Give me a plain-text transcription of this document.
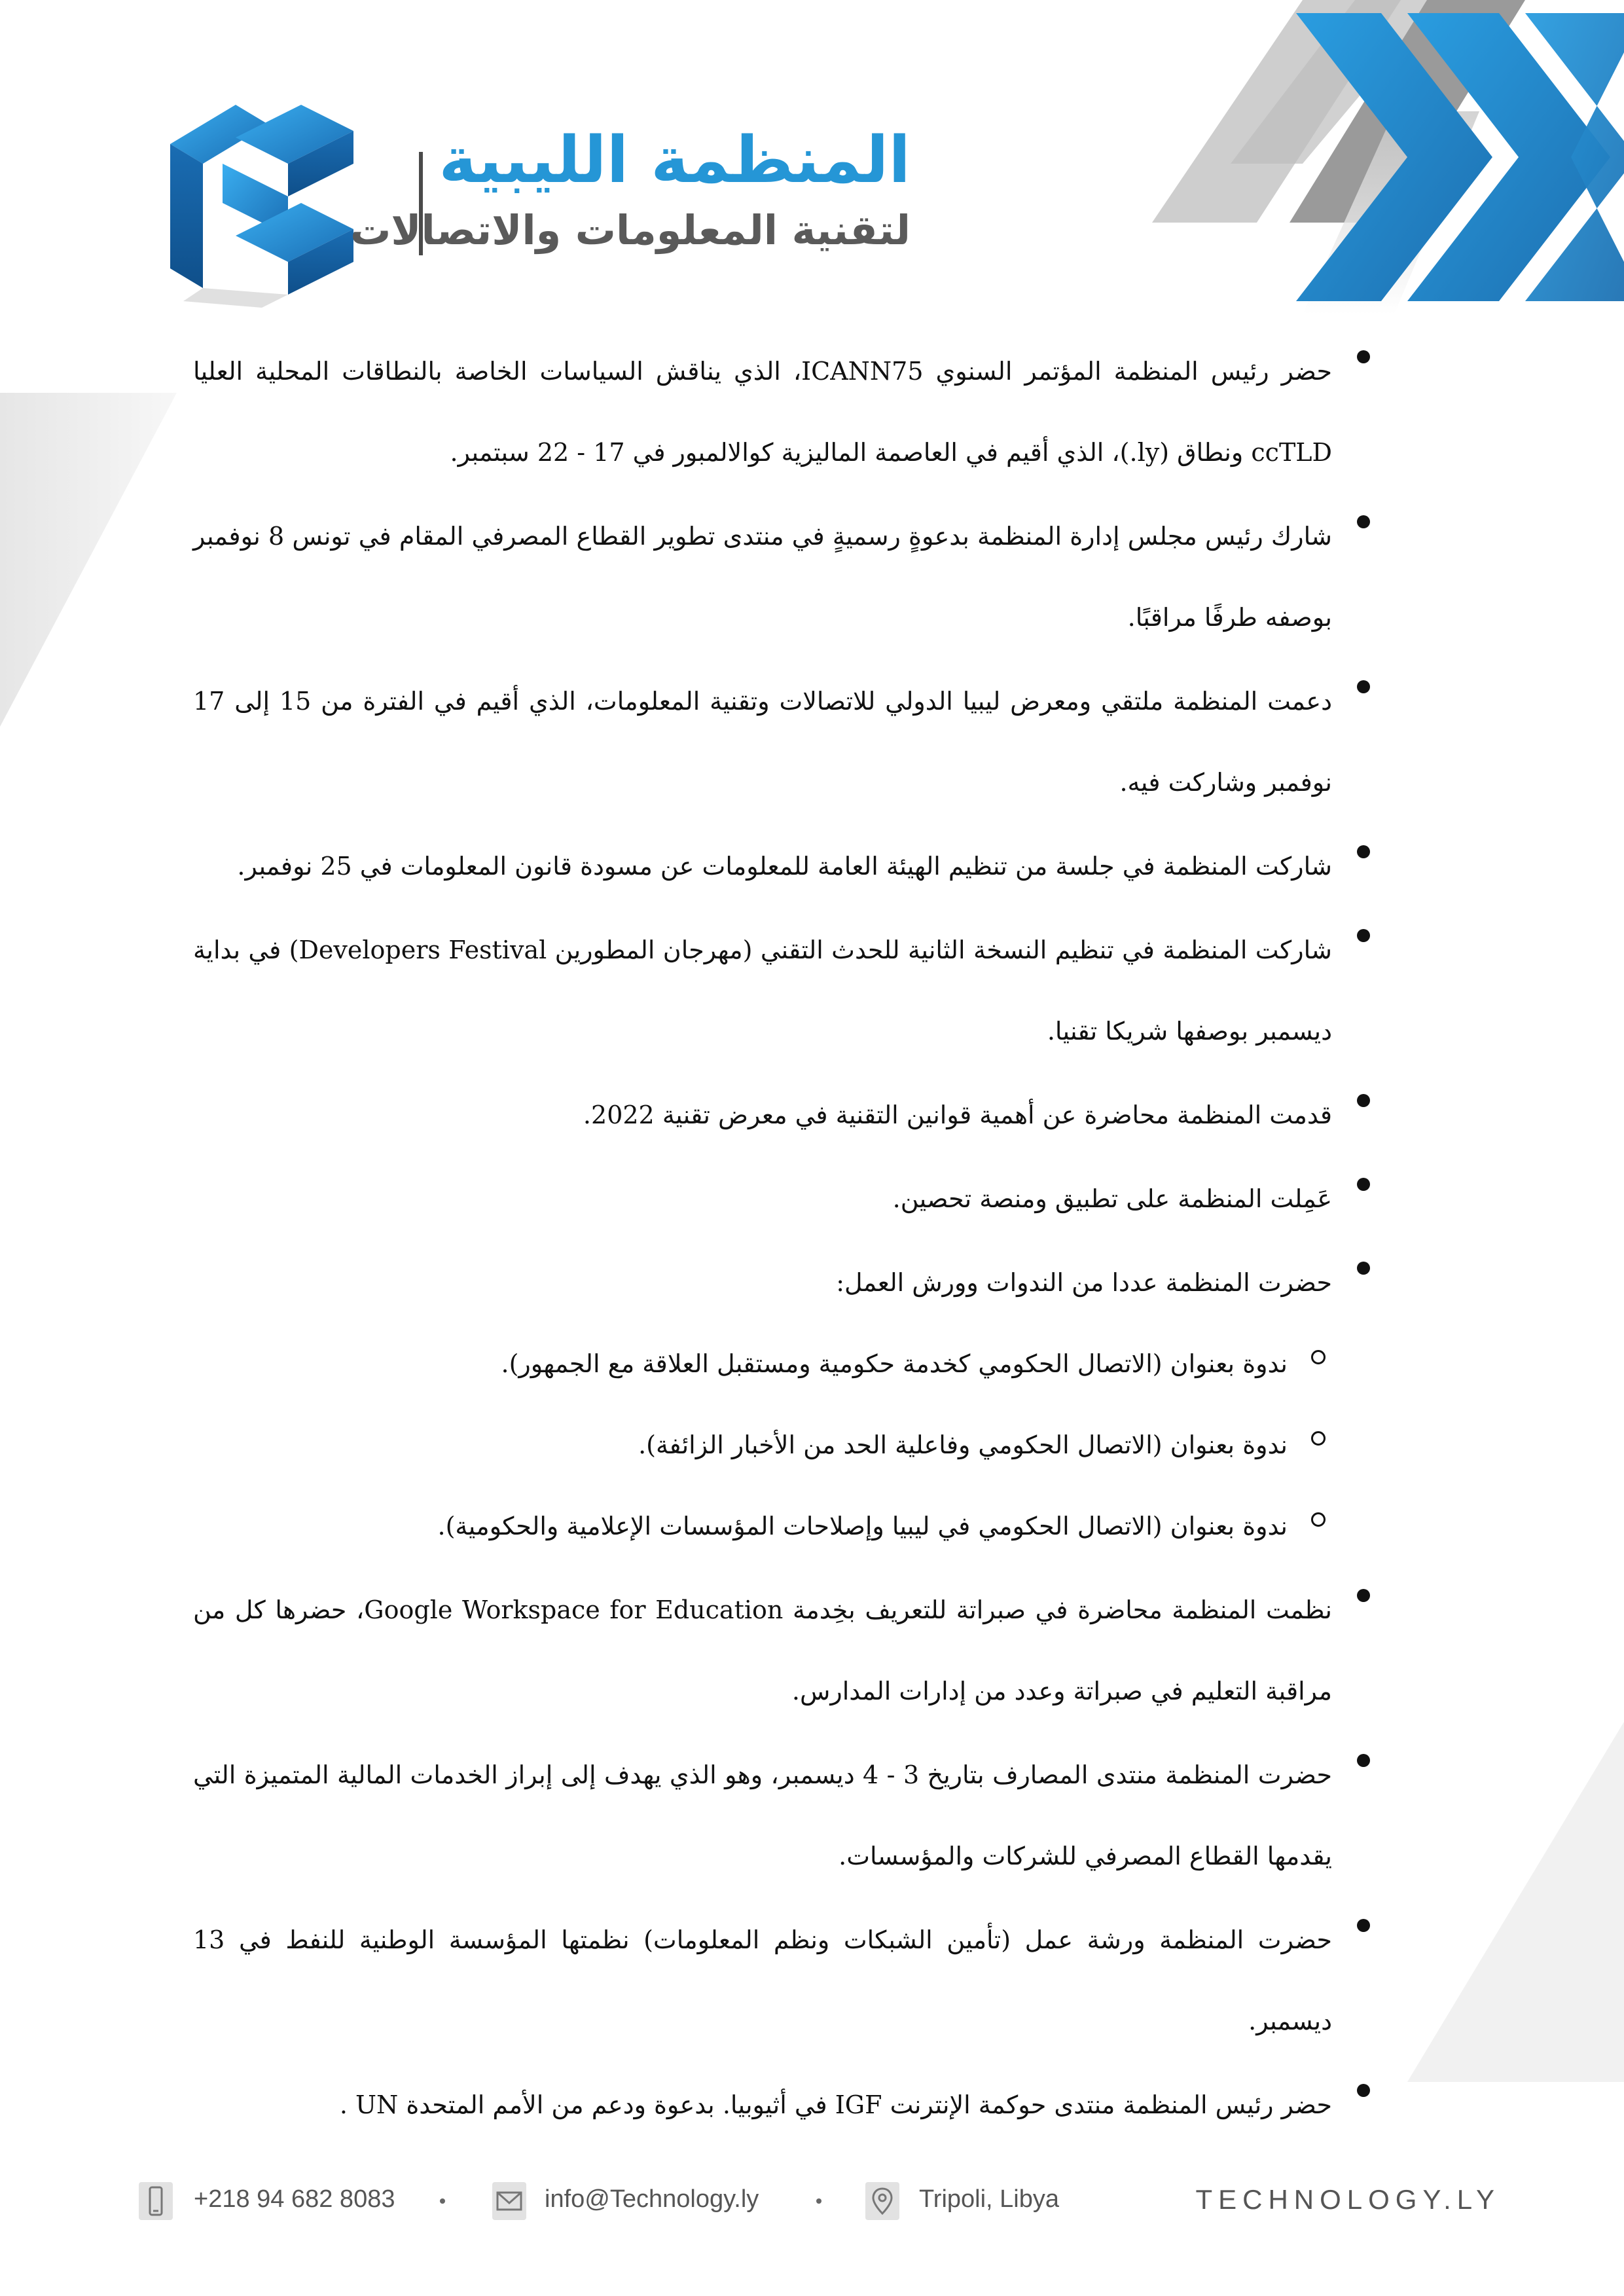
المنظمة الليبية
لتقنية المعلومات والاتصالات
حضر رئيس المنظمة المؤتمر السنوي ICANN75، الذي يناقش السياسات الخاصة بالنطاقات المحلية العليا ccTLD ونطاق (ly.)، الذي أقيم في العاصمة الماليزية كوالالمبور في 17 - 22 سبتمبر.
شارك رئيس مجلس إدارة المنظمة بدعوةٍ رسميةٍ في منتدى تطوير القطاع المصرفي المقام في تونس 8 نوفمبر بوصفه طرفًا مراقبًا.
دعمت المنظمة ملتقي ومعرض ليبيا الدولي للاتصالات وتقنية المعلومات، الذي أقيم في الفترة من 15 إلى 17 نوفمبر وشاركت فيه.
شاركت المنظمة في جلسة من تنظيم الهيئة العامة للمعلومات عن مسودة قانون المعلومات في 25 نوفمبر.
شاركت المنظمة في تنظيم النسخة الثانية للحدث التقني (مهرجان المطورين Developers Festival) في بداية ديسمبر بوصفها شريكا تقنيا.
قدمت المنظمة محاضرة عن أهمية قوانين التقنية في معرض تقنية 2022.
عَمِلت المنظمة على تطبيق ومنصة تحصين.
حضرت المنظمة عددا من الندوات وورش العمل:
ندوة بعنوان (الاتصال الحكومي كخدمة حكومية ومستقبل العلاقة مع الجمهور).
ندوة بعنوان (الاتصال الحكومي وفاعلية الحد من الأخبار الزائفة).
ندوة بعنوان (الاتصال الحكومي في ليبيا وإصلاحات المؤسسات الإعلامية والحكومية).
نظمت المنظمة محاضرة في صبراتة للتعريف بخِدمة Google Workspace for Education، حضرها كل من مراقبة التعليم في صبراتة وعدد من إدارات المدارس.
حضرت المنظمة منتدى المصارف بتاريخ 3 - 4 ديسمبر، وهو الذي يهدف إلى إبراز الخدمات المالية المتميزة التي يقدمها القطاع المصرفي للشركات والمؤسسات.
حضرت المنظمة ورشة عمل (تأمين الشبكات ونظم المعلومات) نظمتها المؤسسة الوطنية للنفط في 13 ديسمبر.
حضر رئيس المنظمة منتدى حوكمة الإنترنت IGF في أثيوبيا. بدعوة ودعم من الأمم المتحدة UN .
+218 94 682 8083	info@Technology.ly	Tripoli, Libya	TECHNOLOGY.LY
